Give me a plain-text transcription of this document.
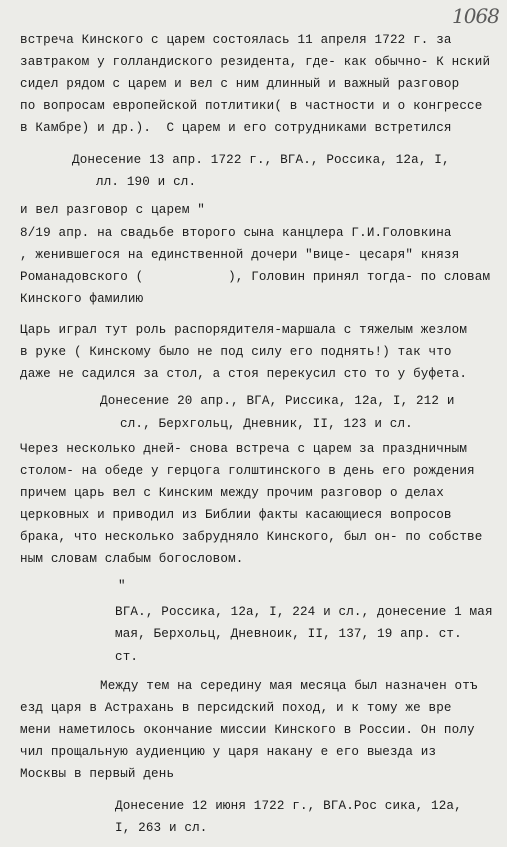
1068
встреча Кинского с царем состоялась 11 апреля 1722 г. за
завтраком у голландиского резидента, где- как обычно- К нский
сидел рядом с царем и вел с ним длинный и важный разговор
по вопросам европейской потлитики( в частности и о конгрессе
в Камбре) и др.).  С царем и его сотрудниками встретился
Донесение 13 апр. 1722 г., ВГА., Россика, 12а, I,
лл. 190 и сл.
и вел разговор с царем "
8/19 апр. на свадьбе второго сына канцлера Г.И.Головкина
, женившегося на единственной дочери "вице- цесаря" князя
Романадовского (           ), Головин принял тогда- по словам
Кинского фамилию
Царь играл тут роль распорядителя-маршала с тяжелым жезлом
в руке ( Кинскому было не под силу его поднять!) так что
даже не садился за стол, а стоя перекусил сто то у буфета.
Донесение 20 апр., ВГА, Риссика, 12а, I, 212 и
сл., Берхгольц, Дневник, II, 123 и сл.
Через несколько дней- снова встреча с царем за праздничным
столом- на обеде у герцога голштинского в день его рождения
причем царь вел с Кинским между прочим разговор о делах
церковных и приводил из Библии факты касающиеся вопросов
брака, что несколько забрудняло Кинского, был он- по собстве
ным словам слабым богословом.
"
ВГА., Россика, 12а, I, 224 и сл., донесение 1 мая
мая, Берхольц, Дневноик, II, 137, 19 апр. ст.
ст.
Между тем на середину мая месяца был назначен отъ
езд царя в Астрахань в персидский поход, и к тому же вре
мени наметилось окончание миссии Кинского в России. Он полу
чил прощальную аудиенцию у царя накану е его выезда из
Москвы в первый день
Донесение 12 июня 1722 г., ВГА.Рос сика, 12а,
I, 263 и сл.
